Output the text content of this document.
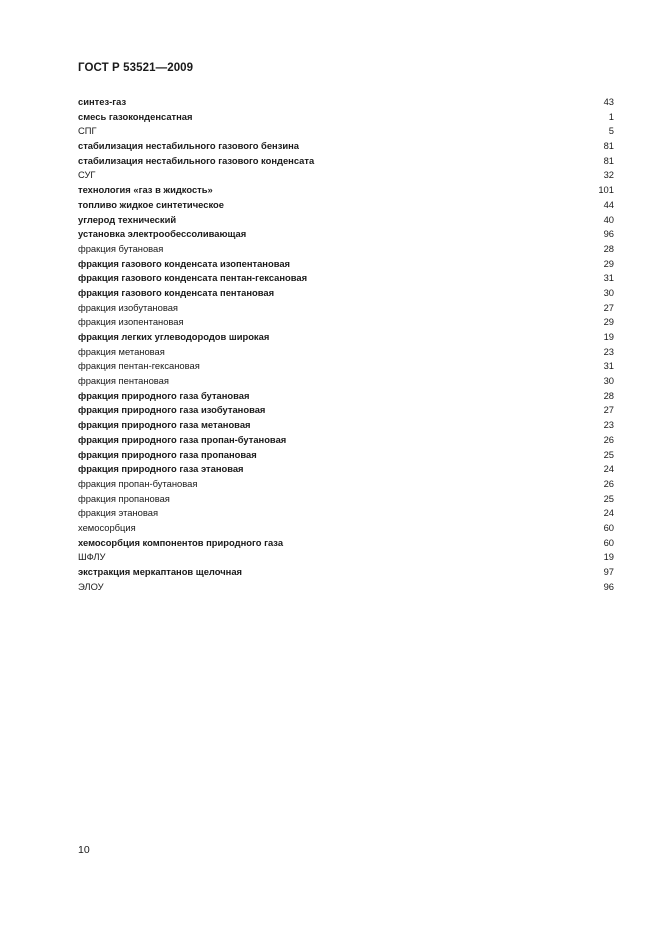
ГОСТ Р 53521—2009
синтез-газ	43
смесь газоконденсатная	1
СПГ	5
стабилизация нестабильного газового бензина	81
стабилизация нестабильного газового конденсата	81
СУГ	32
технология «газ в жидкость»	101
топливо жидкое синтетическое	44
углерод технический	40
установка электрообессоливающая	96
фракция бутановая	28
фракция газового конденсата изопентановая	29
фракция газового конденсата пентан-гексановая	31
фракция газового конденсата пентановая	30
фракция изобутановая	27
фракция изопентановая	29
фракция легких углеводородов широкая	19
фракция метановая	23
фракция пентан-гексановая	31
фракция пентановая	30
фракция природного газа бутановая	28
фракция природного газа изобутановая	27
фракция природного газа метановая	23
фракция природного газа пропан-бутановая	26
фракция природного газа пропановая	25
фракция природного газа этановая	24
фракция пропан-бутановая	26
фракция пропановая	25
фракция этановая	24
хемосорбция	60
хемосорбция компонентов природного газа	60
ШФЛУ	19
экстракция меркаптанов щелочная	97
ЭЛОУ	96
10
